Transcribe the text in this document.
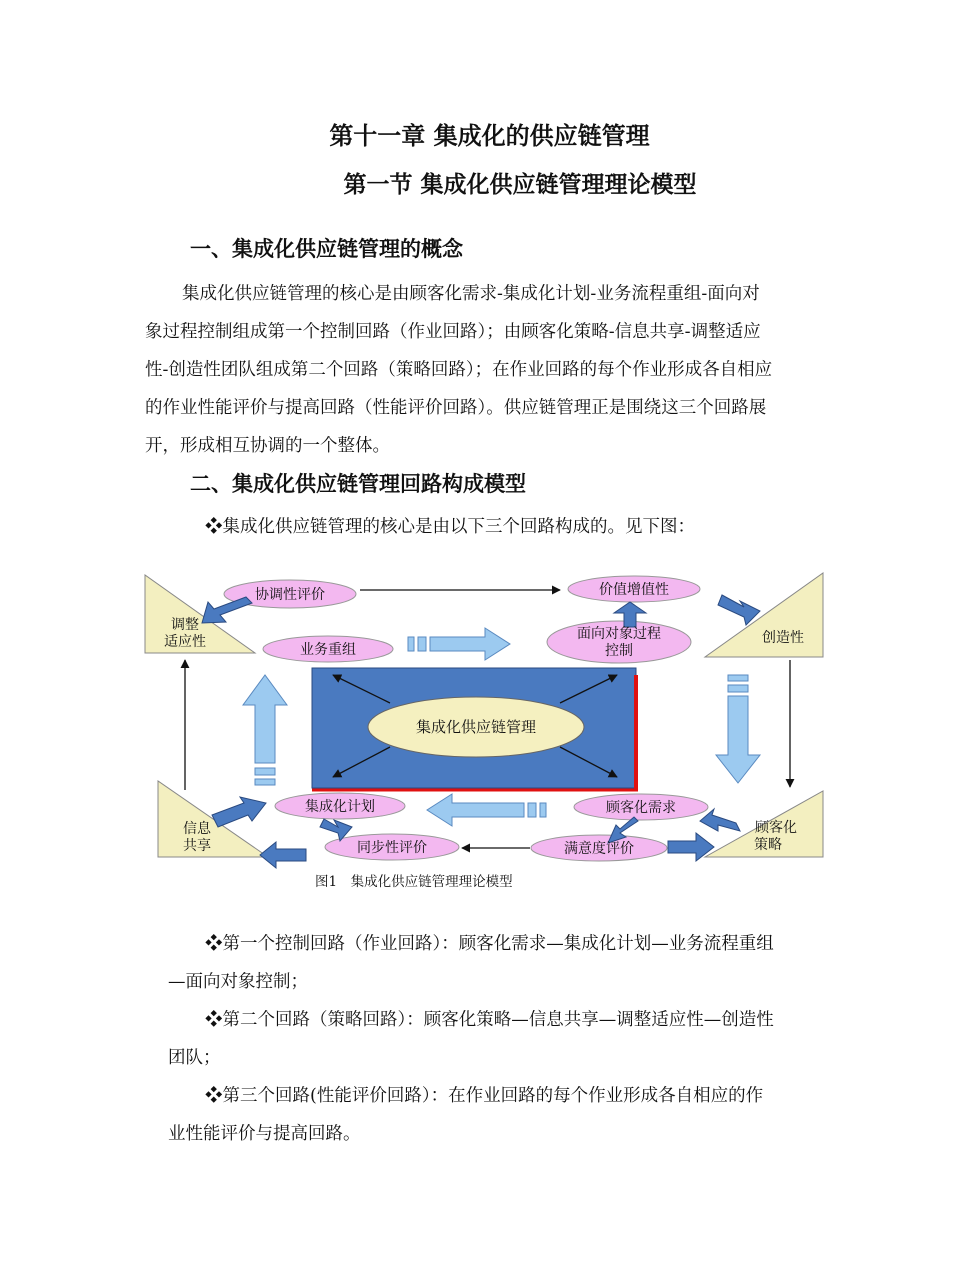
第十一章 集成化的供应链管理
第一节 集成化供应链管理理论模型
一、集成化供应链管理的概念
集成化供应链管理的核心是由顾客化需求-集成化计划-业务流程重组-面向对
象过程控制组成第一个控制回路（作业回路）；由顾客化策略-信息共享-调整适应
性-创造性团队组成第二个回路（策略回路）；在作业回路的每个作业形成各自相应
的作业性能评价与提高回路（性能评价回路）。供应链管理正是围绕这三个回路展
开，形成相互协调的一个整体。
二、集成化供应链管理回路构成模型
❖集成化供应链管理的核心是由以下三个回路构成的。见下图：
协调性评价	价值增值性
业务重组
面向对象过程
控制
集成化计划	顾客化需求
同步性评价	满意度评价
集成化供应链管理
调整
适应性	创造性
信息
共享
顾客化
策略
图1　集成化供应链管理理论模型
❖第一个控制回路（作业回路）：顾客化需求—集成化计划—业务流程重组
—面向对象控制；
❖第二个回路（策略回路）：顾客化策略—信息共享—调整适应性—创造性
团队；
❖第三个回路(性能评价回路）：在作业回路的每个作业形成各自相应的作
业性能评价与提高回路。
